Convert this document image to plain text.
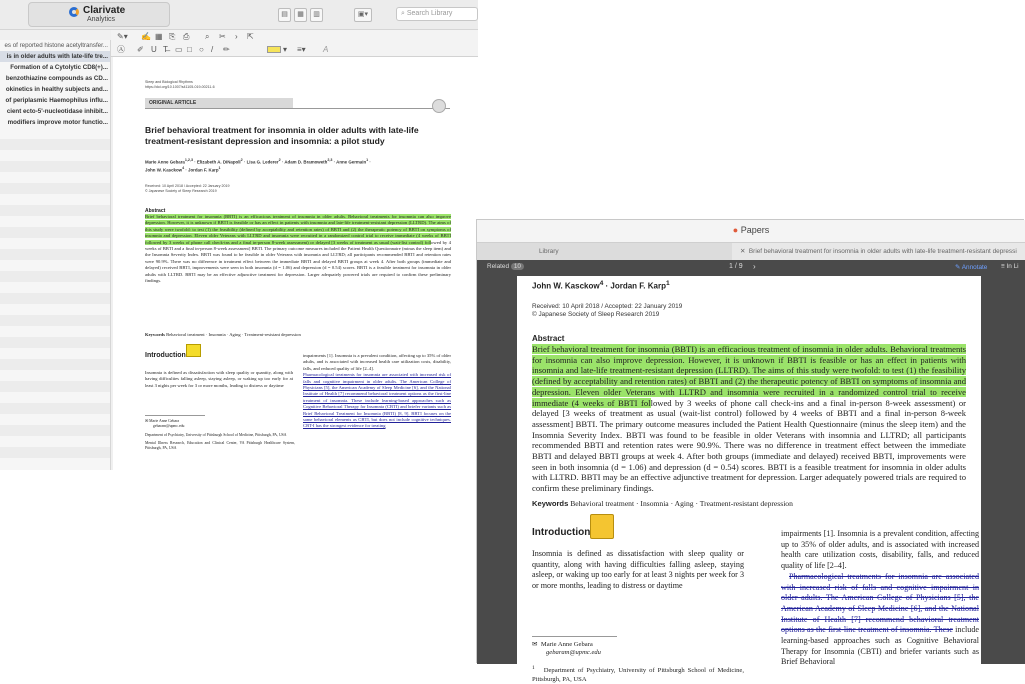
Clarivate
Analytics
▤	▦	▥	▣▾	⌕ Search Library
es of reported histone acetyltransfer...
is in older adults with late-life tre...
Formation of a Cytolytic CD8(+)...
benzothiazine compounds as CD...
okinetics in healthy subjects and...
of periplasmic Haemophilus influ...
cient ecto-5'-nucleotidase inhibit...
modifiers improve motor functio...
✎▾ ✍ ▦ ⎘ ⎙ ⌕ ✂ › ⇱
Ⓐ ✐ U T̶ ▭ □ ○ / ✏	▾ ≡▾ A
Sleep and Biological Rhythms
https://doi.org/10.1007/s41105-019-00211-6
ORIGINAL ARTICLE
Brief behavioral treatment for insomnia in older adults with late-life
treatment-resistant depression and insomnia: a pilot study
Marie Anne Gebara$^{1,2,3}$ · Elizabeth A. DiNapoli$^2$ · Lisa G. Lederer$^2$ · Adam D. Bramoweth$^{2,3}$ · Anne Germain$^1$ ·
John W. Kasckow$^4$ · Jordan F. Karp$^1$
Received: 10 April 2018 / Accepted: 22 January 2019
© Japanese Society of Sleep Research 2019
Abstract
Brief behavioral treatment for insomnia (BBTI) is an efficacious treatment of insomnia in older adults. Behavioral treatments for insomnia can also improve depression. However, it is unknown if BBTI is feasible or has an effect in patients with insomnia and late-life treatment-resistant depression (LLTRD). The aims of this study were twofold: to test (1) the feasibility (defined by acceptability and retention rates) of BBTI and (2) the therapeutic potency of BBTI on symptoms of insomnia and depression. Eleven older Veterans with LLTRD and insomnia were recruited in a randomized control trial to receive immediate (4 weeks of BBTI followed by 3 weeks of phone call check-ins and a final in-person 8-week assessment) or delayed [3 weeks of treatment as usual (wait-list control) followed by 4 weeks of BBTI and a final in-person 8-week assessment] BBTI. The primary outcome measures included the Patient Health Questionnaire (minus the sleep item) and the Insomnia Severity Index. BBTI was found to be feasible in older Veterans with insomnia and LLTRD; all participants recommended BBTI and retention rates were 90.9%. There was no difference in treatment effect between the immediate BBTI and delayed BBTI groups at week 4. After both groups (immediate and delayed) received BBTI, improvements were seen in both insomnia (d = 1.06) and depression (d = 0.54) scores. BBTI is a feasible treatment for insomnia in older adults with LLTRD. BBTI may be an effective adjunctive treatment for depression. Larger adequately powered trials are required to confirm these preliminary findings.
Keywords Behavioral treatment · Insomnia · Aging · Treatment-resistant depression
Introduction
Insomnia is defined as dissatisfaction with sleep quality or quantity, along with having difficulties falling asleep, staying asleep, or waking up too early for at least 3 nights per week for 3 or more months, leading to distress or daytime
✉ Marie Anne Gebara
gebaram@upmc.edu
Department of Psychiatry, University of Pittsburgh School of Medicine, Pittsburgh, PA, USA
Mental Illness Research, Education and Clinical Center, VA Pittsburgh Healthcare System, Pittsburgh, PA, USA
impairments [1]. Insomnia is a prevalent condition, affecting up to 35% of older adults, and is associated with increased health care utilization costs, disability, falls, and reduced quality of life [2–4].
Pharmacological treatments for insomnia are associated with increased risk of falls and cognitive impairment in older adults. The American College of Physicians [5], the American Academy of Sleep Medicine [6], and the National Institute of Health [7] recommend behavioral treatment options as the first-line treatment of insomnia. These include learning-based approaches such as Cognitive Behavioral Therapy for Insomnia (CBTI) and briefer variants such as Brief Behavioral Treatment for Insomnia (BBTI) [8, 9]. BBTI focuses on the same behavioral elements as CBTI, but does not include cognitive techniques. CBT-I has the strongest evidence for treating
● Papers
Library	✕ Brief behavioral treatment for insomnia in older adults with late-life treatment-resistant depressi
Related 10	1 / 9 ›	✎ Annotate ≡ In Li
John W. Kasckow$^4$ · Jordan F. Karp$^1$
Received: 10 April 2018 / Accepted: 22 January 2019
© Japanese Society of Sleep Research 2019
Abstract
Brief behavioral treatment for insomnia (BBTI) is an efficacious treatment of insomnia in older adults. Behavioral treatments for insomnia can also improve depression. However, it is unknown if BBTI is feasible or has an effect in patients with insomnia and late-life treatment-resistant depression (LLTRD). The aims of this study were twofold: to test (1) the feasibility (defined by acceptability and retention rates) of BBTI and (2) the therapeutic potency of BBTI on symptoms of insomnia and depression. Eleven older Veterans with LLTRD and insomnia were recruited in a randomized control trial to receive immediate (4 weeks of BBTI followed by 3 weeks of phone call check-ins and a final in-person 8-week assessment) or delayed [3 weeks of treatment as usual (wait-list control) followed by 4 weeks of BBTI and a final in-person 8-week assessment] BBTI. The primary outcome measures included the Patient Health Questionnaire (minus the sleep item) and the Insomnia Severity Index. BBTI was found to be feasible in older Veterans with insomnia and LLTRD; all participants recommended BBTI and retention rates were 90.9%. There was no difference in treatment effect between the immediate BBTI and delayed BBTI groups at week 4. After both groups (immediate and delayed) received BBTI, improvements were seen in both insomnia (d = 1.06) and depression (d = 0.54) scores. BBTI is a feasible treatment for insomnia in older adults with LLTRD. BBTI may be an effective adjunctive treatment for depression. Larger adequately powered trials are required to confirm these preliminary findings.
Keywords Behavioral treatment · Insomnia · Aging · Treatment-resistant depression
Introduction
Insomnia is defined as dissatisfaction with sleep quality or quantity, along with having difficulties falling asleep, staying asleep, or waking up too early for at least 3 nights per week for 3 or more months, leading to distress or daytime
✉  Marie Anne Gebara
gebaram@upmc.edu
$^1$ Department of Psychiatry, University of Pittsburgh School of Medicine, Pittsburgh, PA, USA
impairments [1]. Insomnia is a prevalent condition, affecting up to 35% of older adults, and is associated with increased health care utilization costs, disability, falls, and reduced quality of life [2–4].
Pharmacological treatments for insomnia are associated with increased risk of falls and cognitive impairment in older adults. The American College of Physicians [5], the American Academy of Sleep Medicine [6], and the National Institute of Health [7] recommend behavioral treatment options as the first-line treatment of insomnia. These include learning-based approaches such as Cognitive Behavioral Therapy for Insomnia (CBTI) and briefer variants such as Brief Behavioral
